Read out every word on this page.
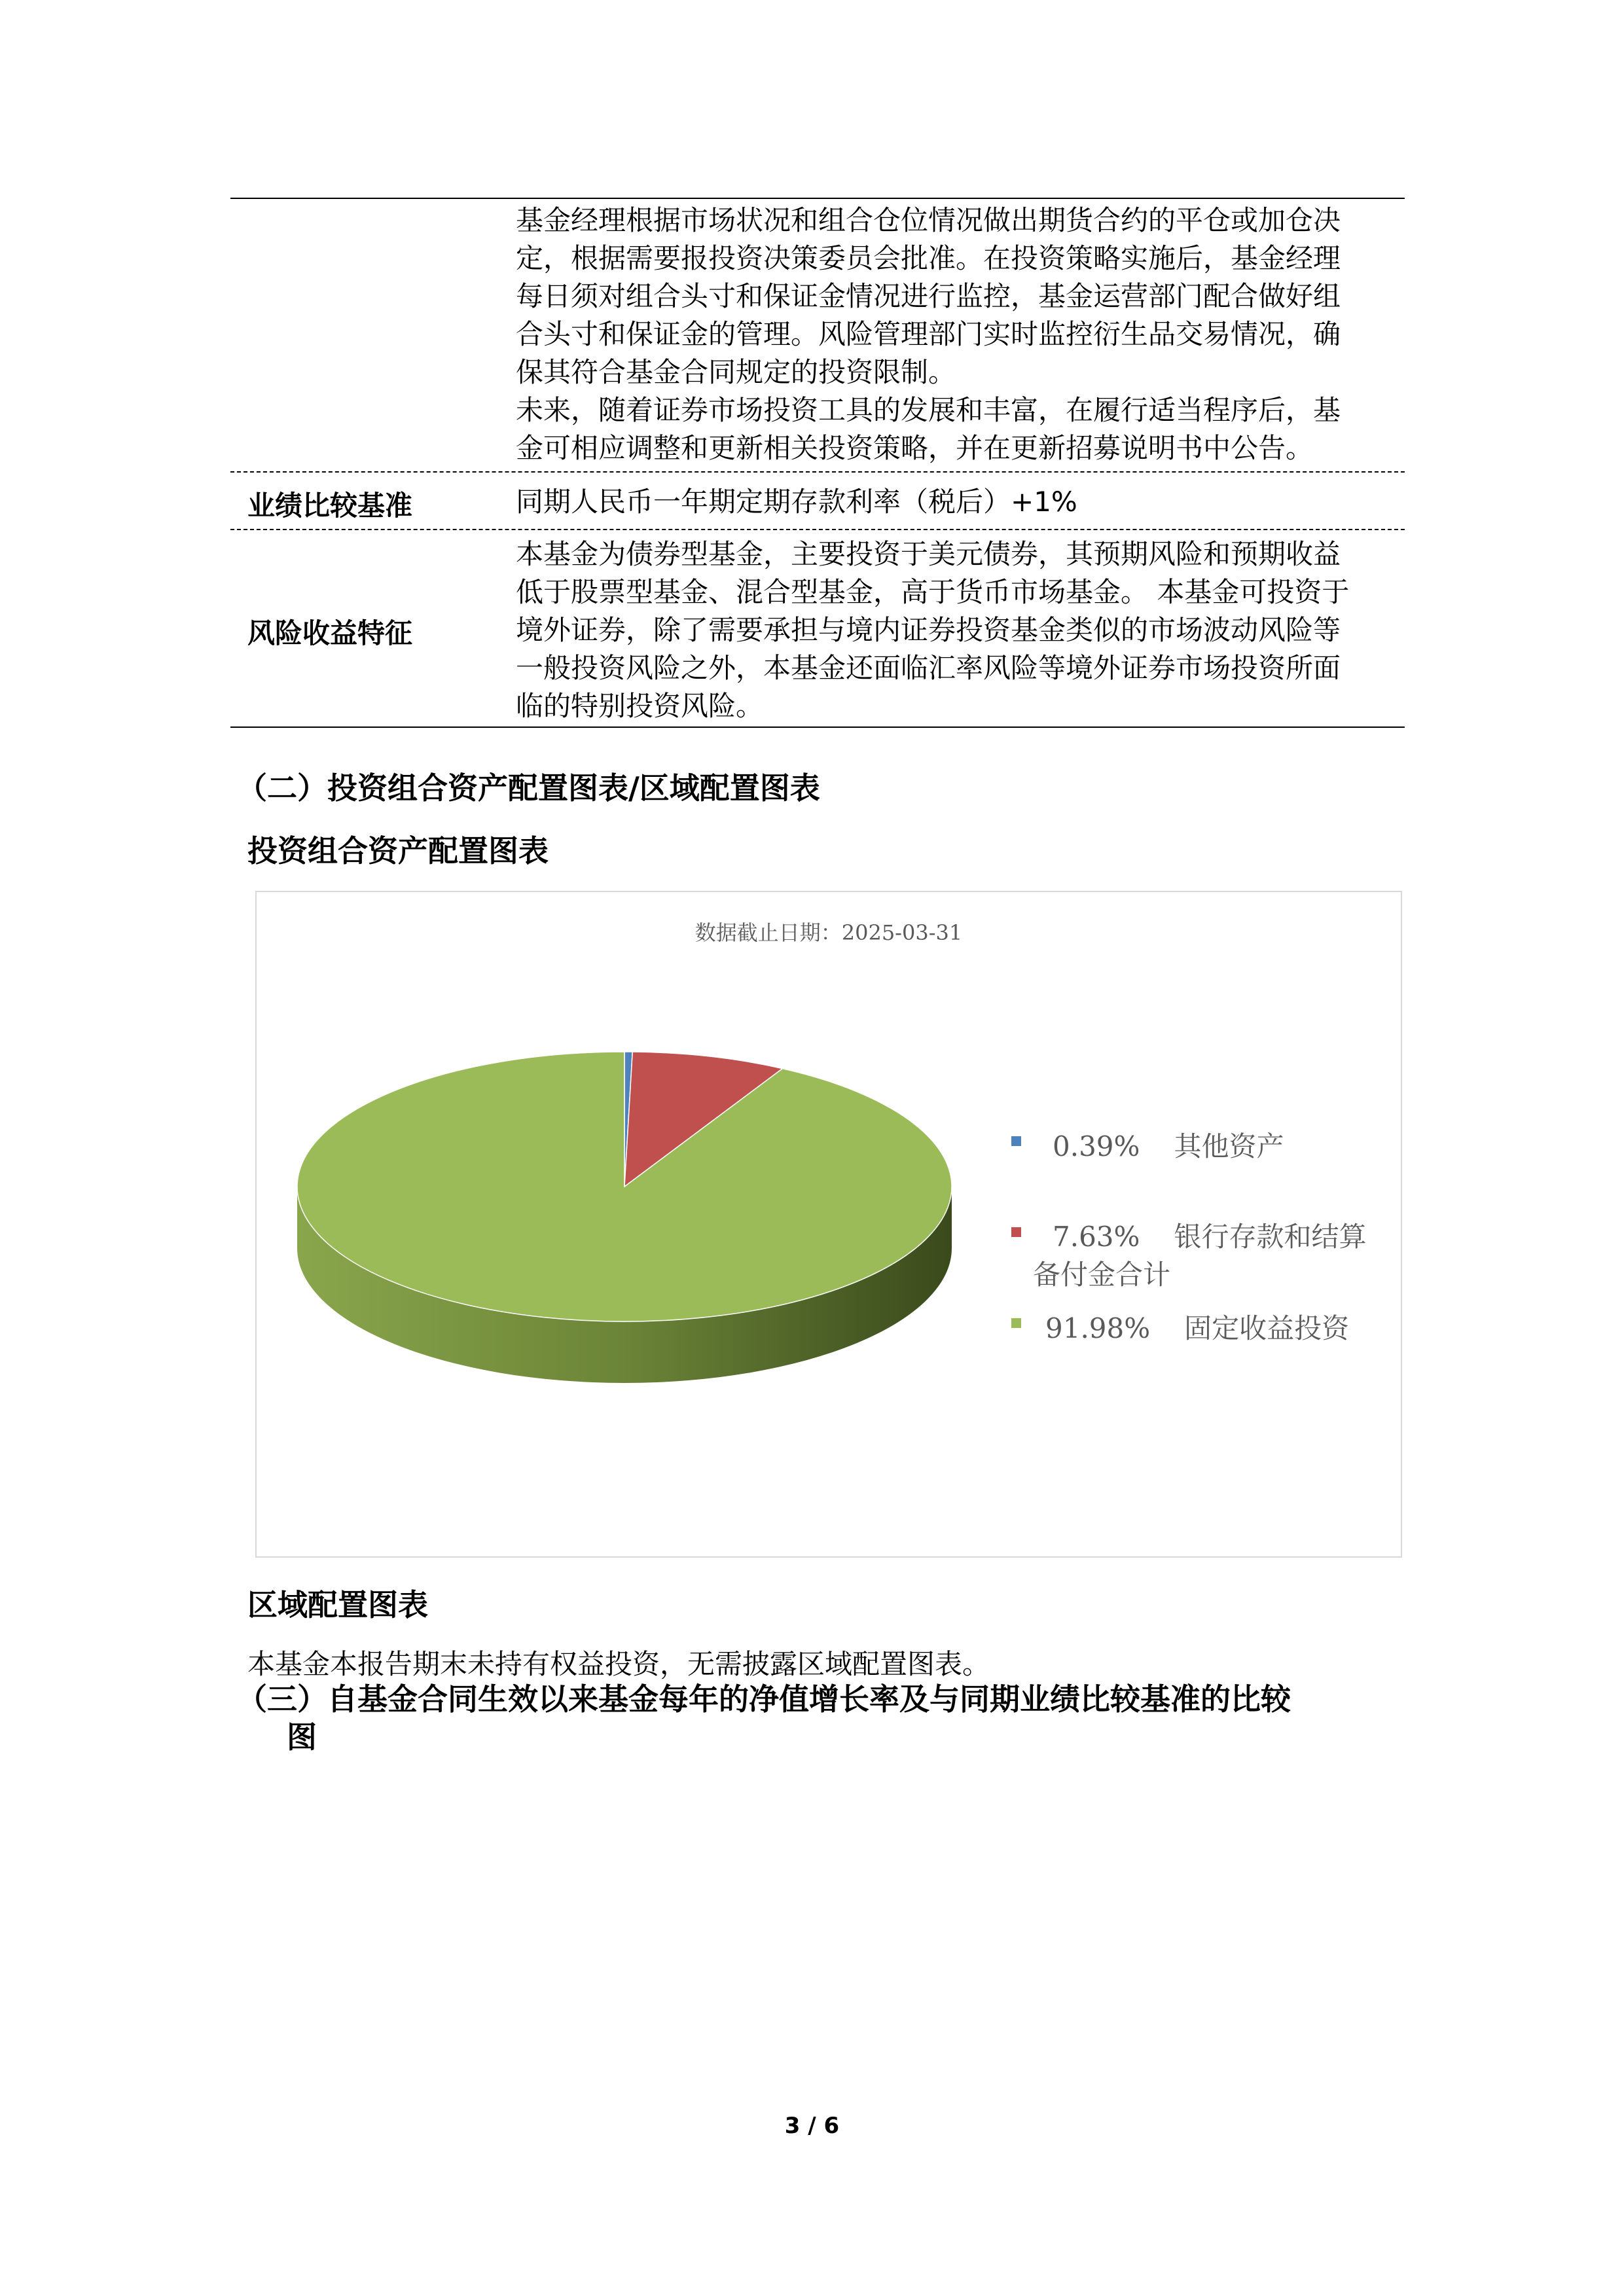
基金经理根据市场状况和组合仓位情况做出期货合约的平仓或加仓决
定，根据需要报投资决策委员会批准。在投资策略实施后，基金经理
每日须对组合头寸和保证金情况进行监控，基金运营部门配合做好组
合头寸和保证金的管理。风险管理部门实时监控衍生品交易情况，确
保其符合基金合同规定的投资限制。
未来，随着证券市场投资工具的发展和丰富，在履行适当程序后，基
金可相应调整和更新相关投资策略，并在更新招募说明书中公告。
业绩比较基准	同期人民币一年期定期存款利率（税后）+1%
本基金为债券型基金，主要投资于美元债券，其预期风险和预期收益
低于股票型基金、混合型基金，高于货币市场基金。 本基金可投资于
境外证券，除了需要承担与境内证券投资基金类似的市场波动风险等
一般投资风险之外，本基金还面临汇率风险等境外证券市场投资所面
临的特别投资风险。
风险收益特征
（二）投资组合资产配置图表/区域配置图表
投资组合资产配置图表
数据截止日期：2025-03-31
0.39% 其他资产
7.63% 银行存款和结算
备付金合计
91.98% 固定收益投资
区域配置图表
本基金本报告期末未持有权益投资，无需披露区域配置图表。
（三）自基金合同生效以来基金每年的净值增长率及与同期业绩比较基准的比较
图
3 / 6
